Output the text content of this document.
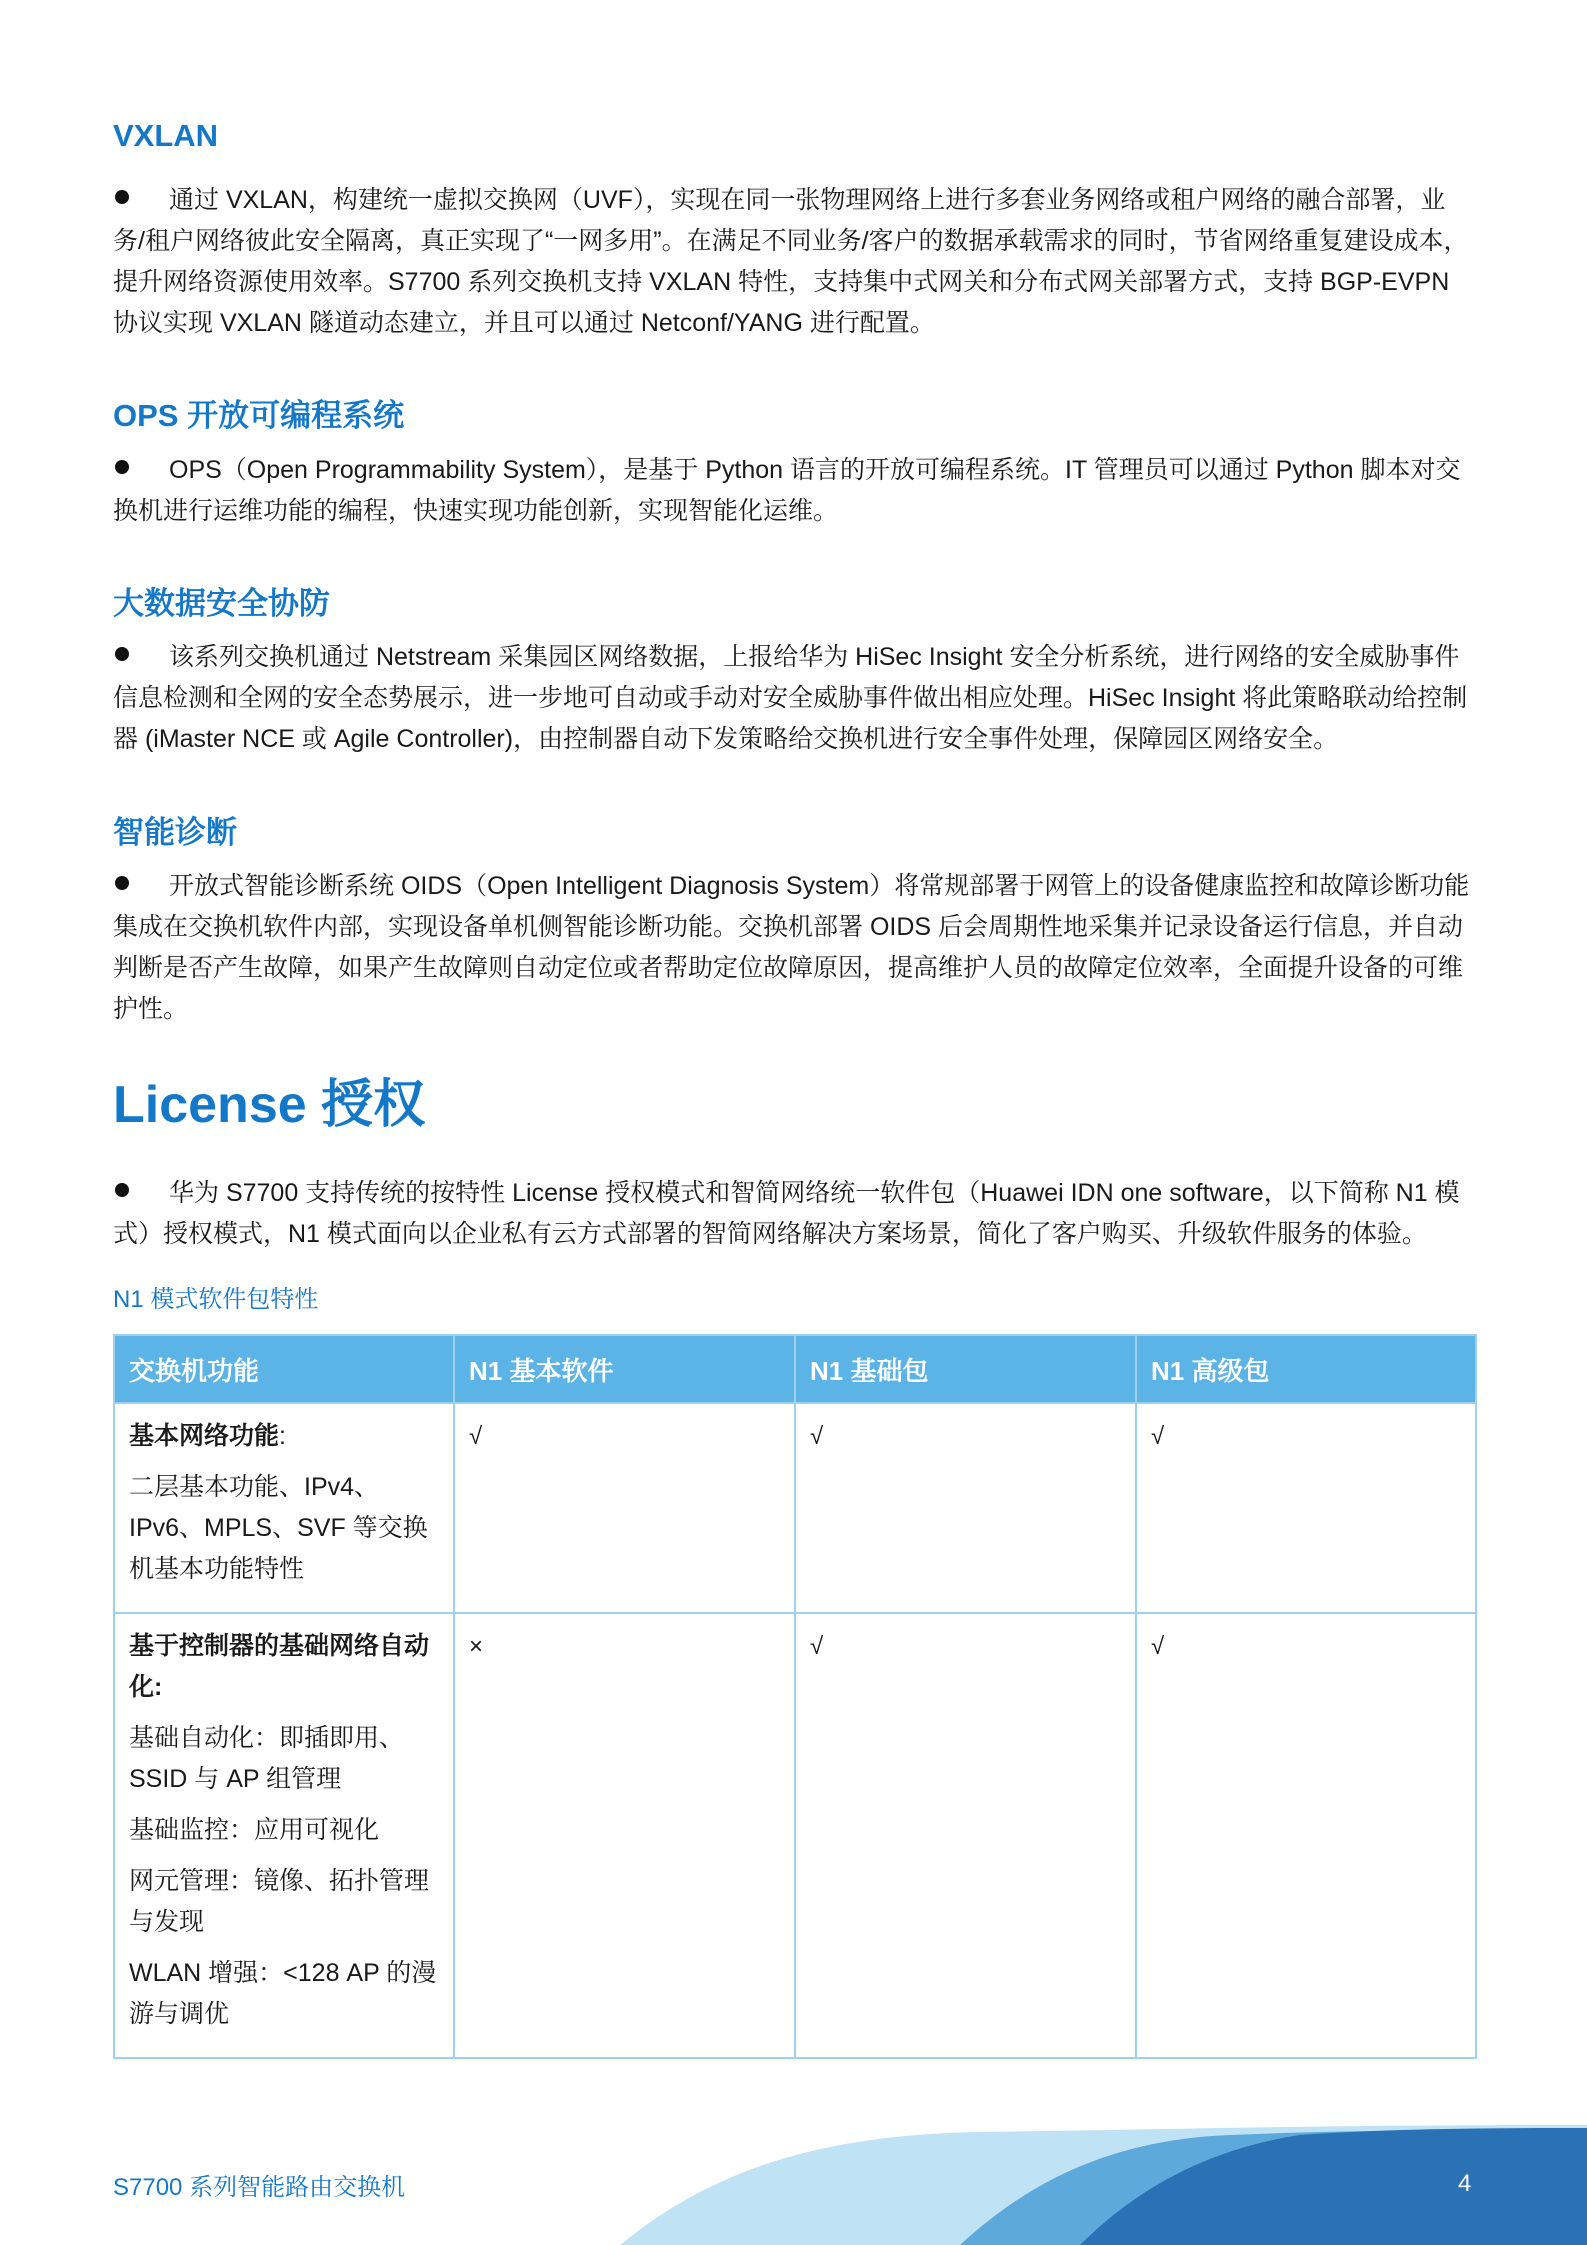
VXLAN

通过 VXLAN，构建统一虚拟交换网（UVF），实现在同一张物理网络上进行多套业务网络或租户网络的融合部署，业务/租户网络彼此安全隔离，真正实现了“一网多用”。在满足不同业务/客户的数据承载需求的同时，节省网络重复建设成本，提升网络资源使用效率。S7700 系列交换机支持 VXLAN 特性，支持集中式网关和分布式网关部署方式，支持 BGP-EVPN 协议实现 VXLAN 隧道动态建立，并且可以通过 Netconf/YANG 进行配置。

OPS 开放可编程系统

OPS（Open Programmability System），是基于 Python 语言的开放可编程系统。IT 管理员可以通过 Python 脚本对交换机进行运维功能的编程，快速实现功能创新，实现智能化运维。

大数据安全协防

该系列交换机通过 Netstream 采集园区网络数据，上报给华为 HiSec Insight 安全分析系统，进行网络的安全威胁事件信息检测和全网的安全态势展示，进一步地可自动或手动对安全威胁事件做出相应处理。HiSec Insight 将此策略联动给控制器 (iMaster NCE 或 Agile Controller)，由控制器自动下发策略给交换机进行安全事件处理，保障园区网络安全。

智能诊断

开放式智能诊断系统 OIDS（Open Intelligent Diagnosis System）将常规部署于网管上的设备健康监控和故障诊断功能集成在交换机软件内部，实现设备单机侧智能诊断功能。交换机部署 OIDS 后会周期性地采集并记录设备运行信息，并自动判断是否产生故障，如果产生故障则自动定位或者帮助定位故障原因，提高维护人员的故障定位效率，全面提升设备的可维护性。

License 授权

华为 S7700 支持传统的按特性 License 授权模式和智简网络统一软件包（Huawei IDN one software，以下简称 N1 模式）授权模式，N1 模式面向以企业私有云方式部署的智简网络解决方案场景，简化了客户购买、升级软件服务的体验。

N1 模式软件包特性

交换机功能	N1 基本软件	N1 基础包	N1 高级包

基本网络功能:

二层基本功能、IPv4、IPv6、MPLS、SVF 等交换机基本功能特性	√	√	√

基于控制器的基础网络自动化:

基础自动化：即插即用、SSID 与 AP 组管理

基础监控：应用可视化

网元管理：镜像、拓扑管理与发现

WLAN 增强：<128 AP 的漫游与调优	×	√	√
S7700 系列智能路由交换机	4
